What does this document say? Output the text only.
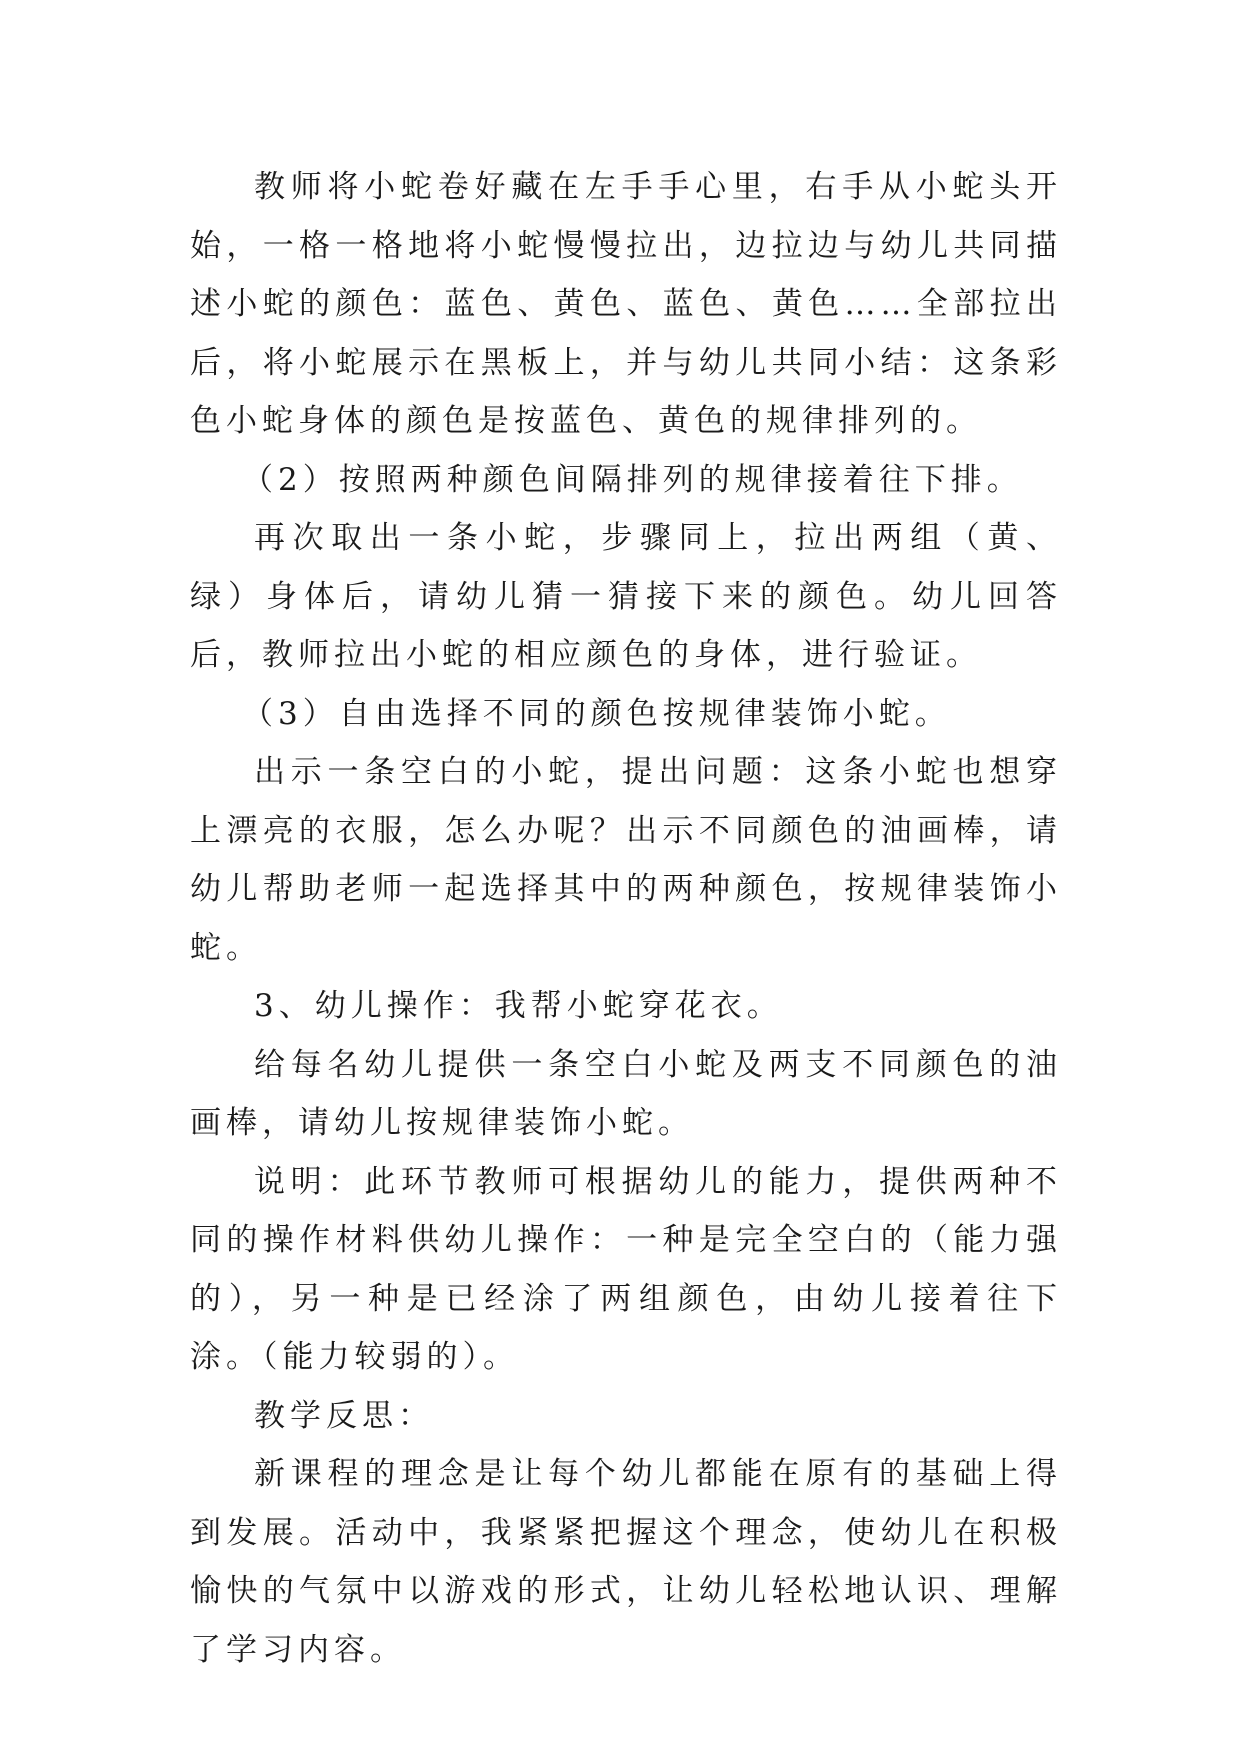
教师将小蛇卷好藏在左手手心里，右手从小蛇头开始，一格一格地将小蛇慢慢拉出，边拉边与幼儿共同描述小蛇的颜色：蓝色、黄色、蓝色、黄色……全部拉出后，将小蛇展示在黑板上，并与幼儿共同小结：这条彩色小蛇身体的颜色是按蓝色、黄色的规律排列的。

（2）按照两种颜色间隔排列的规律接着往下排。

再次取出一条小蛇，步骤同上，拉出两组（黄、绿）身体后，请幼儿猜一猜接下来的颜色。幼儿回答后，教师拉出小蛇的相应颜色的身体，进行验证。

（3）自由选择不同的颜色按规律装饰小蛇。

出示一条空白的小蛇，提出问题：这条小蛇也想穿上漂亮的衣服，怎么办呢？出示不同颜色的油画棒，请幼儿帮助老师一起选择其中的两种颜色，按规律装饰小蛇。

3、幼儿操作：我帮小蛇穿花衣。

给每名幼儿提供一条空白小蛇及两支不同颜色的油画棒，请幼儿按规律装饰小蛇。

说明：此环节教师可根据幼儿的能力，提供两种不同的操作材料供幼儿操作：一种是完全空白的（能力强的），另一种是已经涂了两组颜色，由幼儿接着往下涂。（能力较弱的）。

教学反思：

新课程的理念是让每个幼儿都能在原有的基础上得到发展。活动中，我紧紧把握这个理念，使幼儿在积极愉快的气氛中以游戏的形式，让幼儿轻松地认识、理解了学习内容。
